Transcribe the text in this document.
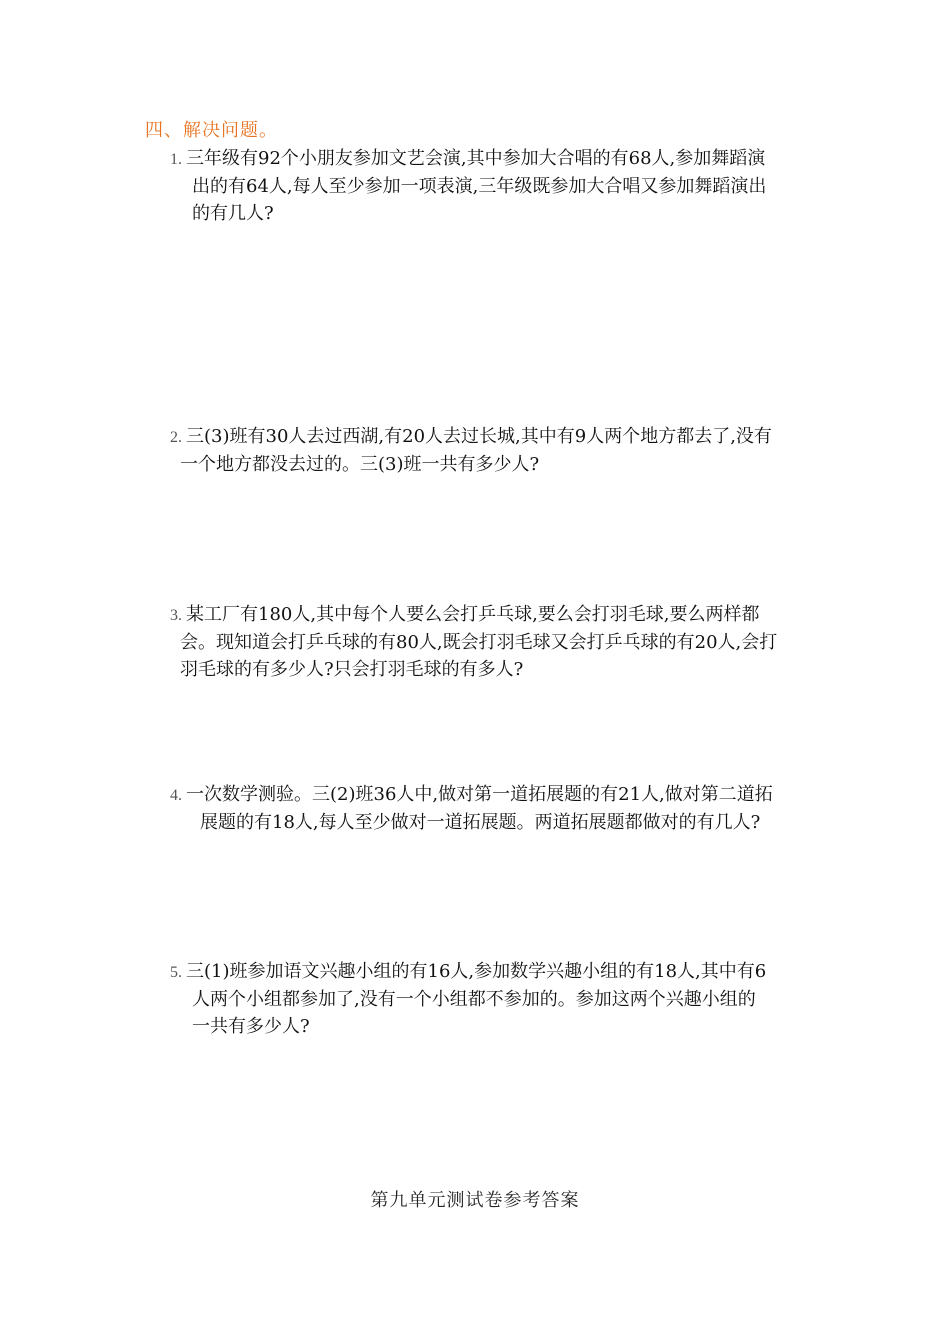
四、解决问题。
1. 三年级有92个小朋友参加文艺会演,其中参加大合唱的有68人,参加舞蹈演
出的有64人,每人至少参加一项表演,三年级既参加大合唱又参加舞蹈演出
的有几人?
2. 三(3)班有30人去过西湖,有20人去过长城,其中有9人两个地方都去了,没有
一个地方都没去过的。三(3)班一共有多少人?
3. 某工厂有180人,其中每个人要么会打乒乓球,要么会打羽毛球,要么两样都
会。现知道会打乒乓球的有80人,既会打羽毛球又会打乒乓球的有20人,会打
羽毛球的有多少人?只会打羽毛球的有多人?
4. 一次数学测验。三(2)班36人中,做对第一道拓展题的有21人,做对第二道拓
展题的有18人,每人至少做对一道拓展题。两道拓展题都做对的有几人?
5. 三(1)班参加语文兴趣小组的有16人,参加数学兴趣小组的有18人,其中有6
人两个小组都参加了,没有一个小组都不参加的。参加这两个兴趣小组的
一共有多少人?
第九单元测试卷参考答案
